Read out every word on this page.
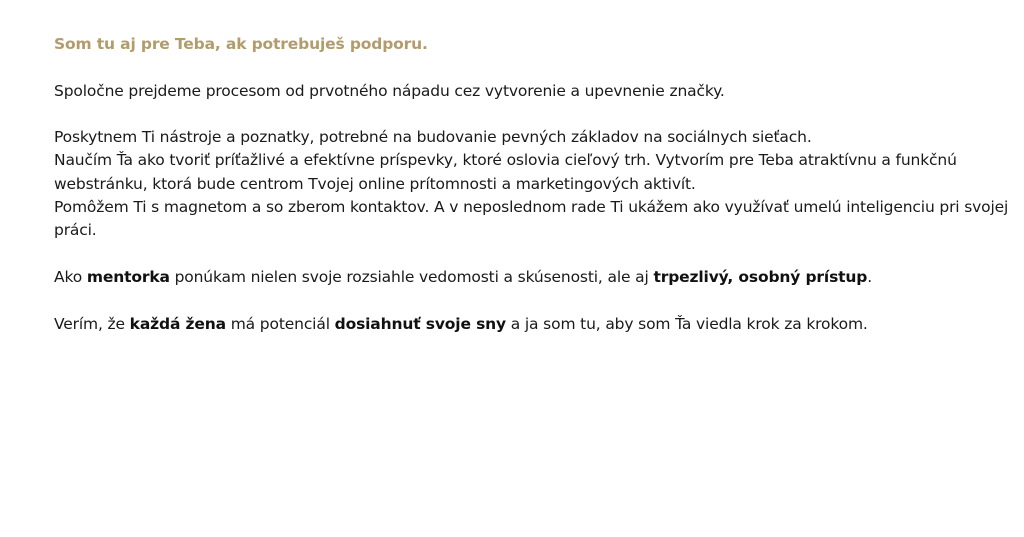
Som tu aj pre Teba, ak potrebuješ podporu.

Spoločne prejdeme procesom od prvotného nápadu cez vytvorenie a upevnenie značky.

Poskytnem Ti nástroje a poznatky, potrebné na budovanie pevných základov na sociálnych sieťach.
Naučím Ťa ako tvoriť príťažlivé a efektívne príspevky, ktoré oslovia cieľový trh. Vytvorím pre Teba atraktívnu a funkčnú webstránku, ktorá bude centrom Tvojej online prítomnosti a marketingových aktivít.
Pomôžem Ti s magnetom a so zberom kontaktov. A v neposlednom rade Ti ukážem ako využívať umelú inteligenciu pri svojej práci.

Ako mentorka ponúkam nielen svoje rozsiahle vedomosti a skúsenosti, ale aj trpezlivý, osobný prístup.

Verím, že každá žena má potenciál dosiahnuť svoje sny a ja som tu, aby som Ťa viedla krok za krokom.
